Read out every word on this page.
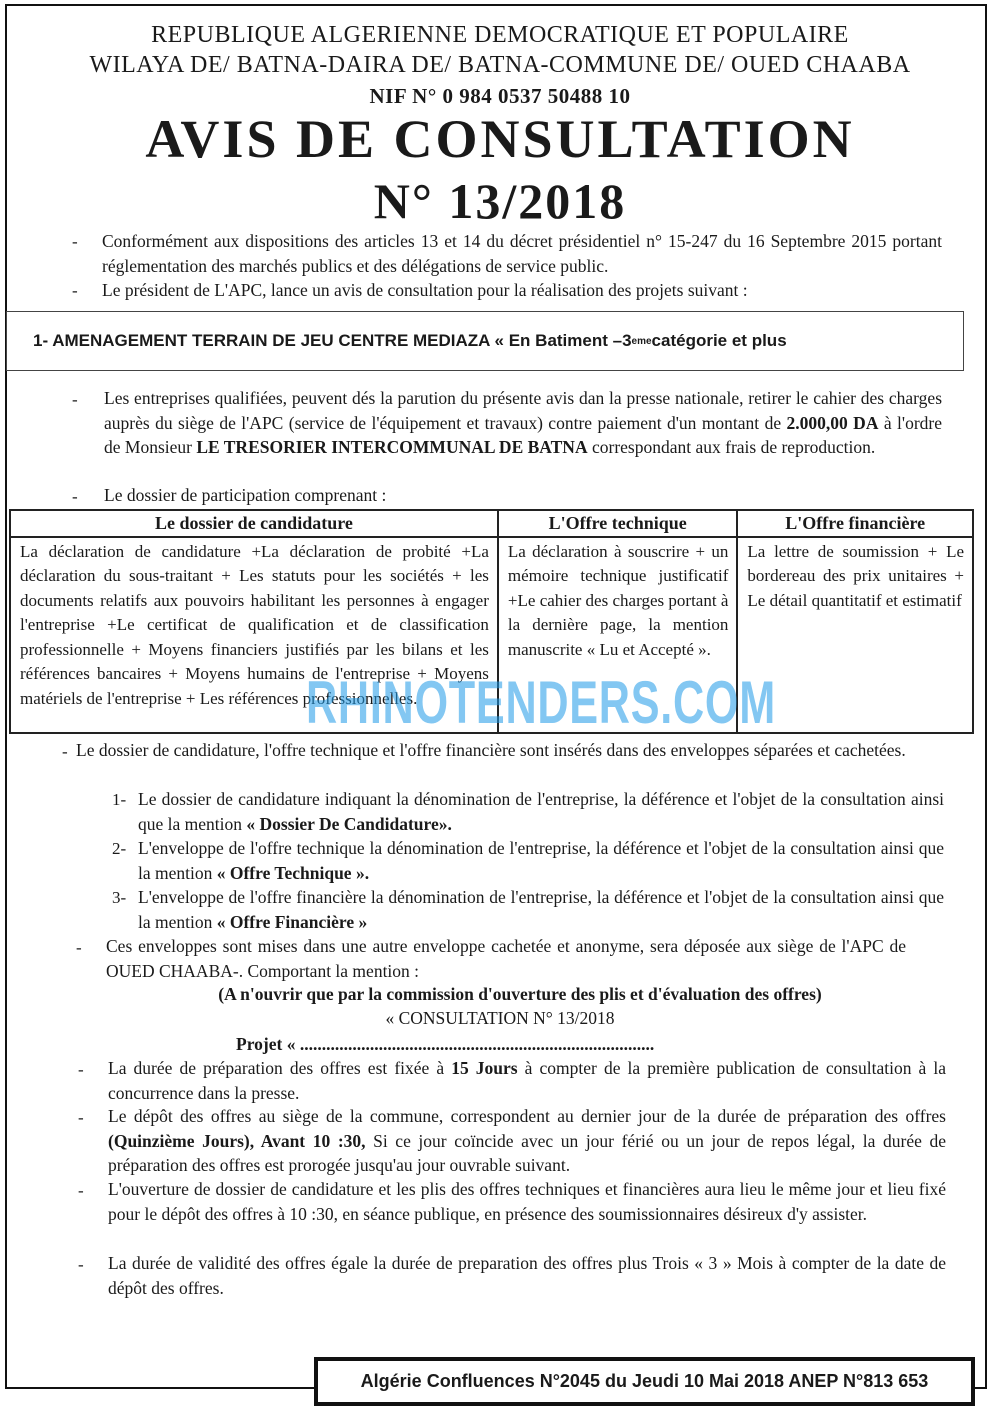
REPUBLIQUE ALGERIENNE DEMOCRATIQUE ET POPULAIRE
WILAYA DE/ BATNA-DAIRA DE/ BATNA-COMMUNE DE/ OUED CHAABA
NIF N° 0 984 0537 50488 10
AVIS DE CONSULTATION
N° 13/2018
- Conformément aux dispositions des articles 13 et 14 du décret présidentiel n° 15-247 du 16 Septembre 2015 portant réglementation des marchés publics et des délégations de service public.
- Le président de L'APC, lance un avis de consultation pour la réalisation des projets suivant :
1- AMENAGEMENT TERRAIN DE JEU CENTRE MEDIAZA « En Batiment –3 eme catégorie et plus
- Les entreprises qualifiées, peuvent dés la parution du présente avis dan la presse nationale, retirer le cahier des charges auprès du siège de l'APC (service de l'équipement et travaux) contre paiement d'un montant de 2.000,00 DA à l'ordre de Monsieur LE TRESORIER INTERCOMMUNAL DE BATNA correspondant aux frais de reproduction.
- Le dossier de participation comprenant :
Le dossier de candidature	L'Offre technique	L'Offre financière
La déclaration de candidature +La déclaration de probité +La déclaration du sous-traitant + Les statuts pour les sociétés + les documents relatifs aux pouvoirs habilitant les personnes à engager l'entreprise +Le certificat de qualification et de classification professionnelle + Moyens financiers justifiés par les bilans et les références bancaires + Moyens humains de l'entreprise + Moyens matériels de l'entreprise + Les références professionnelles.	La déclaration à souscrire + un mémoire technique justificatif +Le cahier des charges portant à la dernière page, la mention manuscrite « Lu et Accepté ».	La lettre de soumission + Le bordereau des prix unitaires + Le détail quantitatif et estimatif
RHINOTENDERS.COM
- Le dossier de candidature, l'offre technique et l'offre financière sont insérés dans des enveloppes séparées et cachetées.
1- Le dossier de candidature indiquant la dénomination de l'entreprise, la déférence et l'objet de la consultation ainsi que la mention « Dossier De Candidature».
2- L'enveloppe de l'offre technique la dénomination de l'entreprise, la déférence et l'objet de la consultation ainsi que la mention « Offre Technique ».
3- L'enveloppe de l'offre financière la dénomination de l'entreprise, la déférence et l'objet de la consultation ainsi que la mention « Offre Financière »
- Ces enveloppes sont mises dans une autre enveloppe cachetée et anonyme, sera déposée aux siège de l'APC de OUED CHAABA-. Comportant la mention :
(A n'ouvrir que par la commission d'ouverture des plis et d'évaluation des offres)
« CONSULTATION N° 13/2018
Projet « .................................................................................
- La durée de préparation des offres est fixée à 15 Jours à compter de la première publication de consultation à la concurrence dans la presse.
- Le dépôt des offres au siège de la commune, correspondent au dernier jour de la durée de préparation des offres (Quinzième Jours), Avant 10 :30, Si ce jour coïncide avec un jour férié ou un jour de repos légal, la durée de préparation des offres est prorogée jusqu'au jour ouvrable suivant.
- L'ouverture de dossier de candidature et les plis des offres techniques et financières aura lieu le même jour et lieu fixé pour le dépôt des offres à 10 :30, en séance publique, en présence des soumissionnaires désireux d'y assister.
- La durée de validité des offres égale la durée de preparation des offres plus Trois « 3 » Mois à compter de la date de dépôt des offres.
Algérie Confluences N°2045 du Jeudi 10 Mai 2018 ANEP N°813 653
